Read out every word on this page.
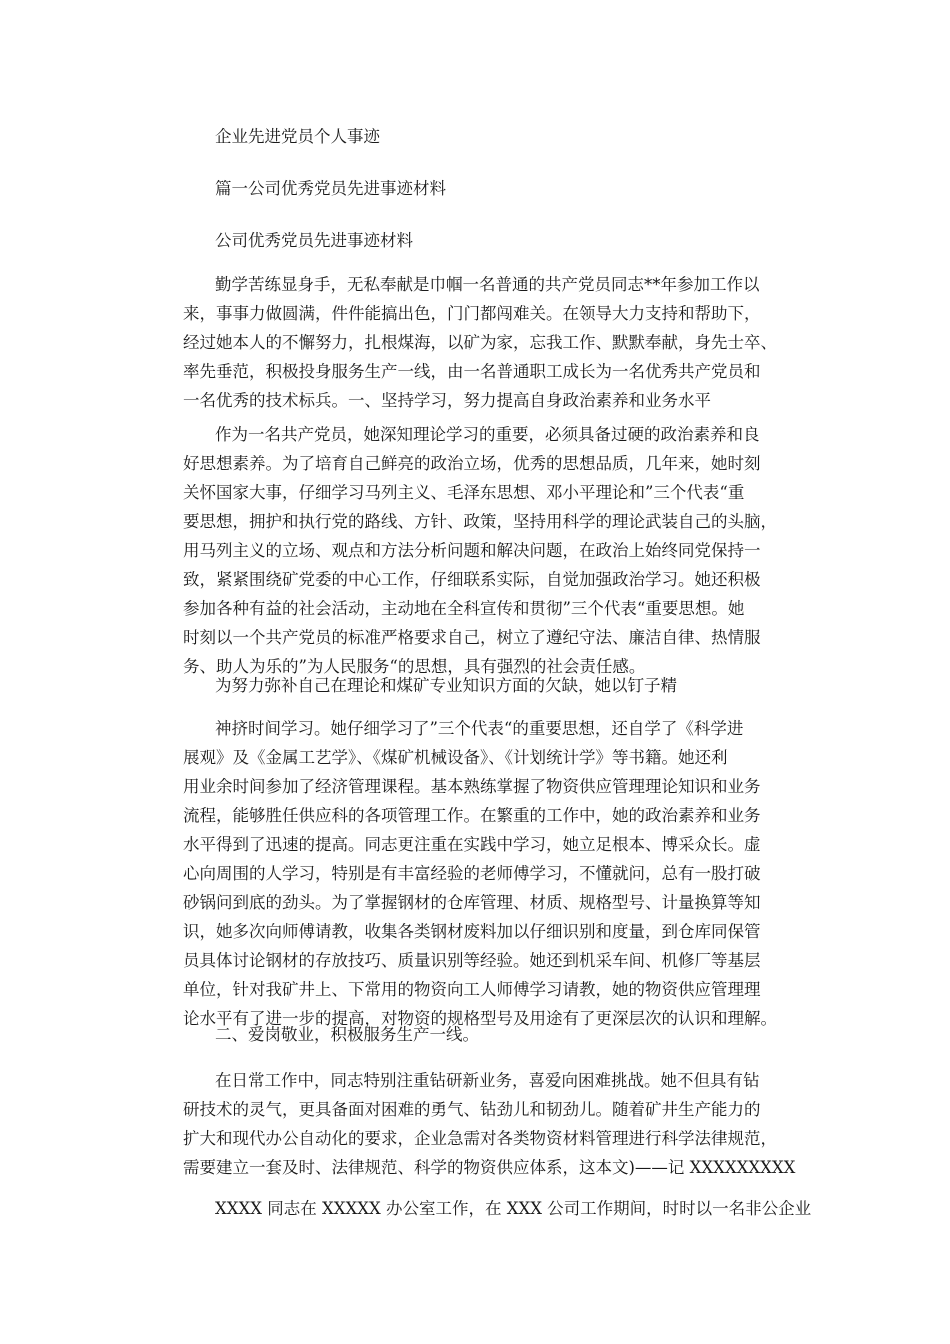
企业先进党员个人事迹
篇一公司优秀党员先进事迹材料
公司优秀党员先进事迹材料
勤学苦练显身手，无私奉献是巾帼一名普通的共产党员同志**年参加工作以
来，事事力做圆满，件件能搞出色，门门都闯难关。在领导大力支持和帮助下，
经过她本人的不懈努力，扎根煤海，以矿为家，忘我工作、默默奉献，身先士卒、
率先垂范，积极投身服务生产一线，由一名普通职工成长为一名优秀共产党员和
一名优秀的技术标兵。一、坚持学习，努力提高自身政治素养和业务水平
作为一名共产党员，她深知理论学习的重要，必须具备过硬的政治素养和良
好思想素养。为了培育自己鲜亮的政治立场，优秀的思想品质，几年来，她时刻
关怀国家大事，仔细学习马列主义、毛泽东思想、邓小平理论和”三个代表“重
要思想，拥护和执行党的路线、方针、政策，坚持用科学的理论武装自己的头脑，
用马列主义的立场、观点和方法分析问题和解决问题，在政治上始终同党保持一
致，紧紧围绕矿党委的中心工作，仔细联系实际，自觉加强政治学习。她还积极
参加各种有益的社会活动，主动地在全科宣传和贯彻”三个代表“重要思想。她
时刻以一个共产党员的标准严格要求自己，树立了遵纪守法、廉洁自律、热情服
务、助人为乐的”为人民服务“的思想，具有强烈的社会责任感。
为努力弥补自己在理论和煤矿专业知识方面的欠缺，她以钉子精
神挤时间学习。她仔细学习了”三个代表“的重要思想，还自学了《科学进
展观》及《金属工艺学》、《煤矿机械设备》、《计划统计学》等书籍。她还利
用业余时间参加了经济管理课程。基本熟练掌握了物资供应管理理论知识和业务
流程，能够胜任供应科的各项管理工作。在繁重的工作中，她的政治素养和业务
水平得到了迅速的提高。同志更注重在实践中学习，她立足根本、博采众长。虚
心向周围的人学习，特别是有丰富经验的老师傅学习，不懂就问，总有一股打破
砂锅问到底的劲头。为了掌握钢材的仓库管理、材质、规格型号、计量换算等知
识，她多次向师傅请教，收集各类钢材废料加以仔细识别和度量，到仓库同保管
员具体讨论钢材的存放技巧、质量识别等经验。她还到机采车间、机修厂等基层
单位，针对我矿井上、下常用的物资向工人师傅学习请教，她的物资供应管理理
论水平有了进一步的提高，对物资的规格型号及用途有了更深层次的认识和理解。
二、爱岗敬业，积极服务生产一线。
在日常工作中，同志特别注重钻研新业务，喜爱向困难挑战。她不但具有钻
研技术的灵气，更具备面对困难的勇气、钻劲儿和韧劲儿。随着矿井生产能力的
扩大和现代办公自动化的要求，企业急需对各类物资材料管理进行科学法律规范，
需要建立一套及时、法律规范、科学的物资供应体系，这本文)——记 XXXXXXXXX
XXXX 同志在 XXXXX 办公室工作，在 XXX 公司工作期间，时时以一名非公企业
